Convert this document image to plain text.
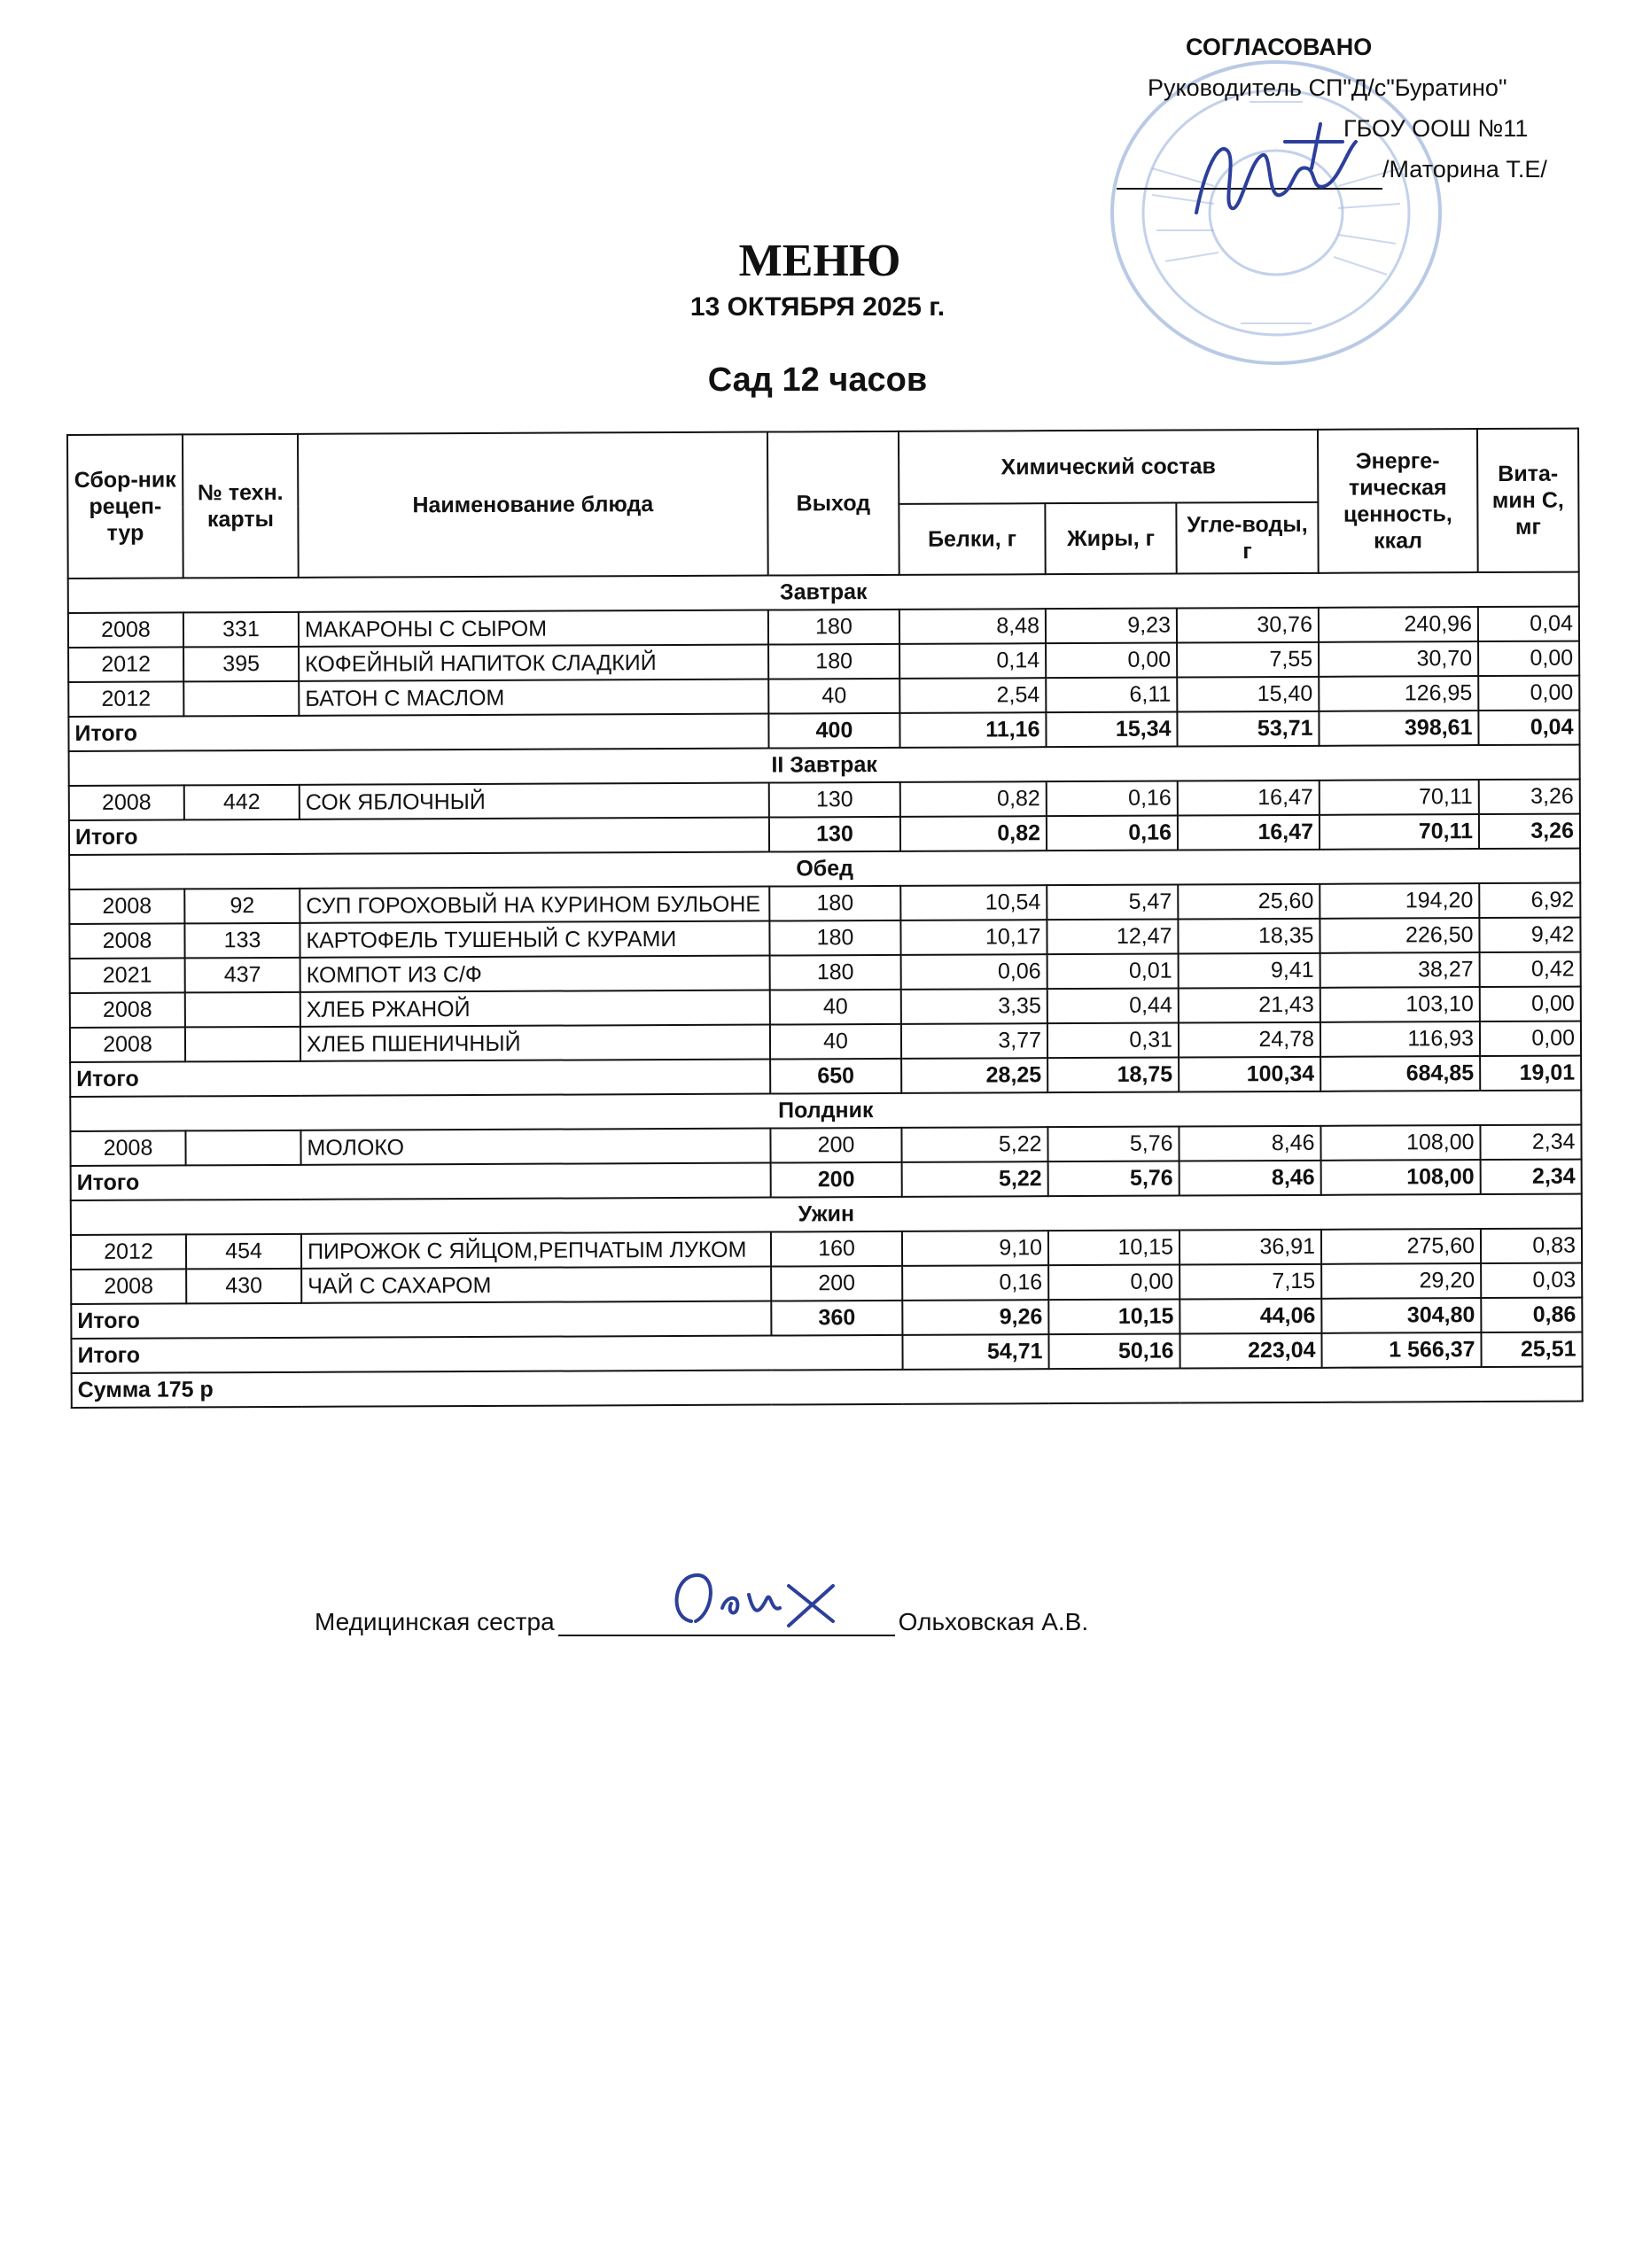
СОГЛАСОВАНО
Руководитель СП"Д/с"Буратино"
ГБОУ ООШ №11
/Маторина Т.Е/
МЕНЮ
13 ОКТЯБРЯ 2025 г.
Сад 12 часов
Сбор-ник рецеп-тур	№ техн. карты	Наименование блюда	Выход	Химический состав			Энерге-тическая ценность, ккал	Вита-мин С, мг
				Белки, г	Жиры, г	Угле-воды, г		
Завтрак								
2008	331	МАКАРОНЫ С СЫРОМ	180	8,48	9,23	30,76	240,96	0,04
2012	395	КОФЕЙНЫЙ НАПИТОК СЛАДКИЙ	180	0,14	0,00	7,55	30,70	0,00
2012		БАТОН С МАСЛОМ	40	2,54	6,11	15,40	126,95	0,00
Итого			400	11,16	15,34	53,71	398,61	0,04
II Завтрак								
2008	442	СОК ЯБЛОЧНЫЙ	130	0,82	0,16	16,47	70,11	3,26
Итого			130	0,82	0,16	16,47	70,11	3,26
Обед								
2008	92	СУП ГОРОХОВЫЙ НА КУРИНОМ БУЛЬОНЕ	180	10,54	5,47	25,60	194,20	6,92
2008	133	КАРТОФЕЛЬ ТУШЕНЫЙ С КУРАМИ	180	10,17	12,47	18,35	226,50	9,42
2021	437	КОМПОТ ИЗ С/Ф	180	0,06	0,01	9,41	38,27	0,42
2008		ХЛЕБ РЖАНОЙ	40	3,35	0,44	21,43	103,10	0,00
2008		ХЛЕБ ПШЕНИЧНЫЙ	40	3,77	0,31	24,78	116,93	0,00
Итого			650	28,25	18,75	100,34	684,85	19,01
Полдник								
2008		МОЛОКО	200	5,22	5,76	8,46	108,00	2,34
Итого			200	5,22	5,76	8,46	108,00	2,34
Ужин								
2012	454	ПИРОЖОК С ЯЙЦОМ,РЕПЧАТЫМ ЛУКОМ	160	9,10	10,15	36,91	275,60	0,83
2008	430	ЧАЙ С САХАРОМ	200	0,16	0,00	7,15	29,20	0,03
Итого			360	9,26	10,15	44,06	304,80	0,86
Итого				54,71	50,16	223,04	1 566,37	25,51
Сумма 175 р								
Медицинская сестра	Ольховская А.В.
